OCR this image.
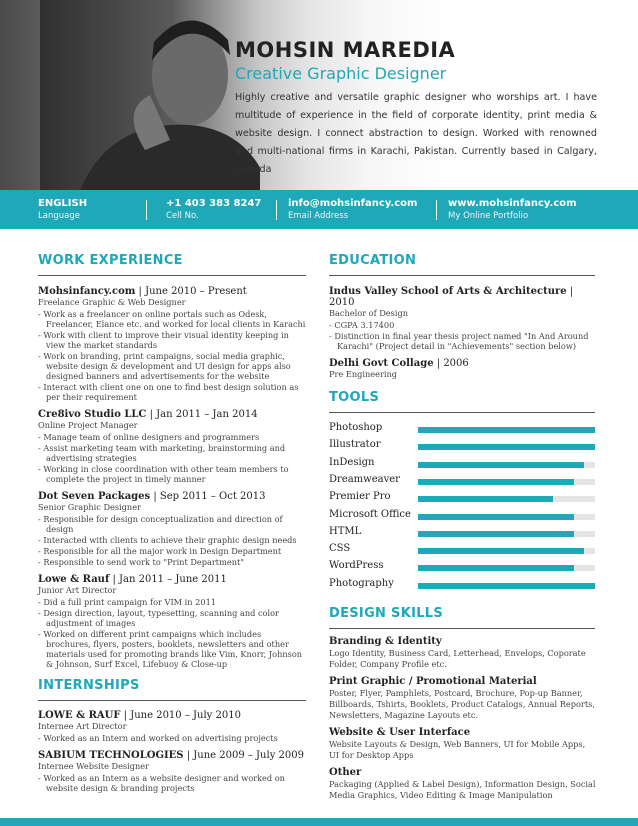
MOHSIN MAREDIA
Creative Graphic Designer
Highly creative and versatile graphic designer who worships art. I have multitude of experience in the field of corporate identity, print media & website design. I connect abstraction to design. Worked with renowned and multi-national firms in Karachi, Pakistan. Currently based in Calgary, Canada
ENGLISH
Language
+1 403 383 8247
Cell No.
info@mohsinfancy.com
Email Address
www.mohsinfancy.com
My Online Portfolio
WORK EXPERIENCE
Mohsinfancy.com | June 2010 – Present
Freelance Graphic & Web Designer
- Work as a freelancer on online portals such as Odesk, Freelancer, Elance etc. and worked for local clients in Karachi
- Work with client to improve their visual identity keeping in view the market standards
- Work on branding, print campaigns, social media graphic, website design & development and UI design for apps also designed banners and advertisements for the website
- Interact with client one on one to find best design solution as per their requirement
Cre8ivo Studio LLC | Jan 2011 – Jan 2014
Online Project Manager
- Manage team of online designers and programmers
- Assist marketing team with marketing, brainstorming and advertising strategies
- Working in close coordination with other team members to complete the project in timely manner
Dot Seven Packages | Sep 2011 – Oct 2013
Senior Graphic Designer
- Responsible for design conceptualization and direction of design
- Interacted with clients to achieve their graphic design needs
- Responsible for all the major work in Design Department
- Responsible to send work to "Print Department"
Lowe & Rauf | Jan 2011 – June 2011
Junior Art Director
- Did a full print campaign for VIM in 2011
- Design direction, layout, typesetting, scanning and color adjustment of images
- Worked on different print campaigns which includes brochures, flyers, posters, booklets, newsletters and other materials used for promoting brands like Vim, Knorr, Johnson & Johnson, Surf Excel, Lifebuoy & Close-up
INTERNSHIPS
LOWE & RAUF | June 2010 – July 2010
Internee Art Director
- Worked as an Intern and worked on advertising projects
SABIUM TECHNOLOGIES | June 2009 – July 2009
Internee Website Designer
- Worked as an Intern as a website designer and worked on website design & branding projects
EDUCATION
Indus Valley School of Arts & Architecture | 2010
Bachelor of Design
- CGPA 3.17400
- Distinction in final year thesis project named "In And Around Karachi" (Project detail in "Achievements" section below)
Delhi Govt Collage | 2006
Pre Engineering
TOOLS
Photoshop
Illustrator
InDesign
Dreamweaver
Premier Pro
Microsoft Office
HTML
CSS
WordPress
Photography
DESIGN SKILLS
Branding & Identity
Logo Identity, Business Card, Letterhead, Envelops, Coporate Folder, Company Profile etc.
Print Graphic / Promotional Material
Poster, Flyer, Pamphlets, Postcard, Brochure, Pop-up Banner, Billboards, Tshirts, Booklets, Product Catalogs, Annual Reports, Newsletters, Magazine Layouts etc.
Website & User Interface
Website Layouts & Design, Web Banners, UI for Mobile Apps, UI for Desktop Apps
Other
Packaging (Applied & Label Design), Information Design, Social Media Graphics, Video Editing & Image Manipulation
